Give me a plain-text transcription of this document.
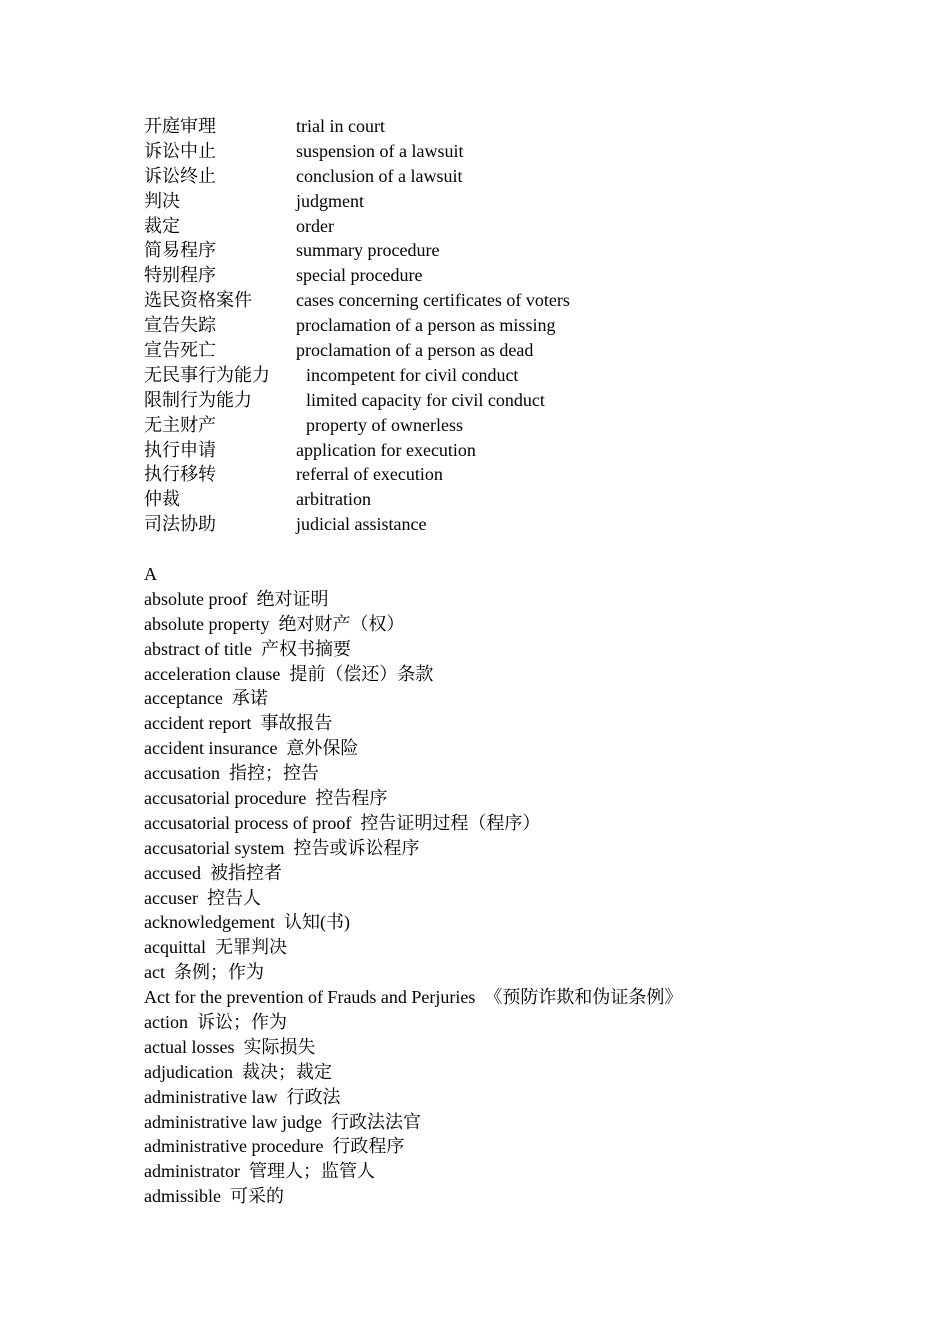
开庭审理	trial in court
诉讼中止	suspension of a lawsuit
诉讼终止	conclusion of a lawsuit
判决	judgment
裁定	order
简易程序	summary procedure
特别程序	special procedure
选民资格案件 cases concerning certificates of voters
宣告失踪	proclamation of a person as missing
宣告死亡	proclamation of a person as dead
无民事行为能力 incompetent for civil conduct
限制行为能力	limited capacity for civil conduct
无主财产	property of ownerless
执行申请	application for execution
执行移转	referral of execution
仲裁	arbitration
司法协助	judicial assistance
A
absolute proof  绝对证明
absolute property  绝对财产（权）
abstract of title  产权书摘要
acceleration clause  提前（偿还）条款
acceptance  承诺
accident report  事故报告
accident insurance  意外保险
accusation  指控；控告
accusatorial procedure  控告程序
accusatorial process of proof  控告证明过程（程序）
accusatorial system  控告或诉讼程序
accused  被指控者
accuser  控告人
acknowledgement  认知(书)
acquittal  无罪判决
act  条例；作为
Act for the prevention of Frauds and Perjuries  《预防诈欺和伪证条例》
action  诉讼；作为
actual losses  实际损失
adjudication  裁决；裁定
administrative law  行政法
administrative law judge  行政法法官
administrative procedure  行政程序
administrator  管理人；监管人
admissible  可采的
